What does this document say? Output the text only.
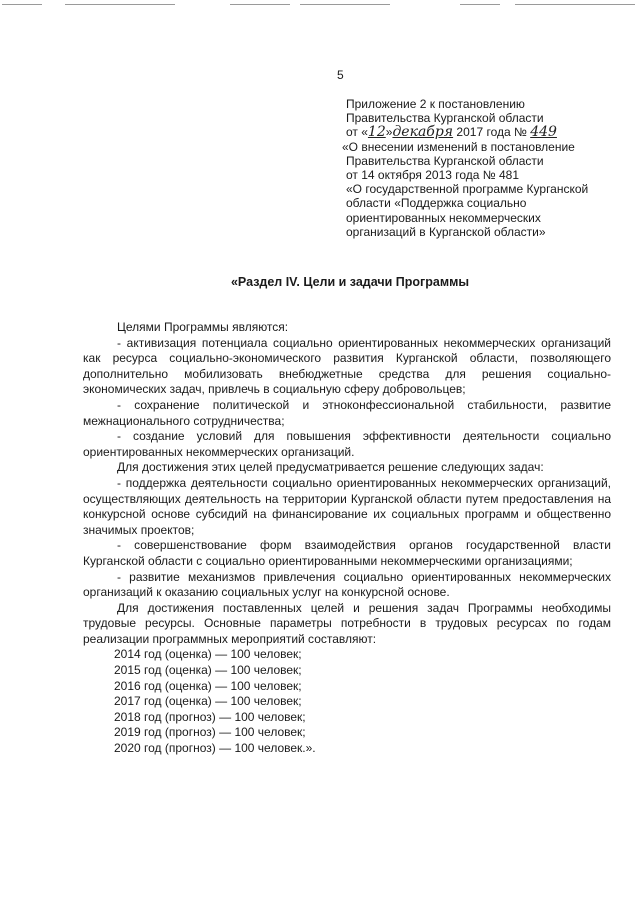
5
Приложение 2 к постановлению
Правительства Курганской области
от «12»декабря 2017 года № 449
«О внесении изменений в постановление
Правительства Курганской области
от 14 октября 2013 года № 481
«О государственной программе Курганской
области «Поддержка социально
ориентированных некоммерческих
организаций в Курганской области»
«Раздел IV. Цели и задачи Программы

Целями Программы являются:

- активизация потенциала социально ориентированных некоммерческих организаций как ресурса социально-экономического развития Курганской области, позволяющего дополнительно мобилизовать внебюджетные средства для решения социально-экономических задач, привлечь в социальную сферу добровольцев;

- сохранение политической и этноконфессиональной стабильности, развитие межнационального сотрудничества;

- создание условий для повышения эффективности деятельности социально ориентированных некоммерческих организаций.

Для достижения этих целей предусматривается решение следующих задач:

- поддержка деятельности социально ориентированных некоммерческих организаций, осуществляющих деятельность на территории Курганской области путем предоставления на конкурсной основе субсидий на финансирование их социальных программ и общественно значимых проектов;

- совершенствование форм взаимодействия органов государственной власти Курганской области с социально ориентированными некоммерческими организациями;

- развитие механизмов привлечения социально ориентированных некоммерческих организаций к оказанию социальных услуг на конкурсной основе.

Для достижения поставленных целей и решения задач Программы необходимы трудовые ресурсы. Основные параметры потребности в трудовых ресурсах по годам реализации программных мероприятий составляют:

2014 год (оценка) — 100 человек;
2015 год (оценка) — 100 человек;
2016 год (оценка) — 100 человек;
2017 год (оценка) — 100 человек;
2018 год (прогноз) — 100 человек;
2019 год (прогноз) — 100 человек;
2020 год (прогноз) — 100 человек.».
